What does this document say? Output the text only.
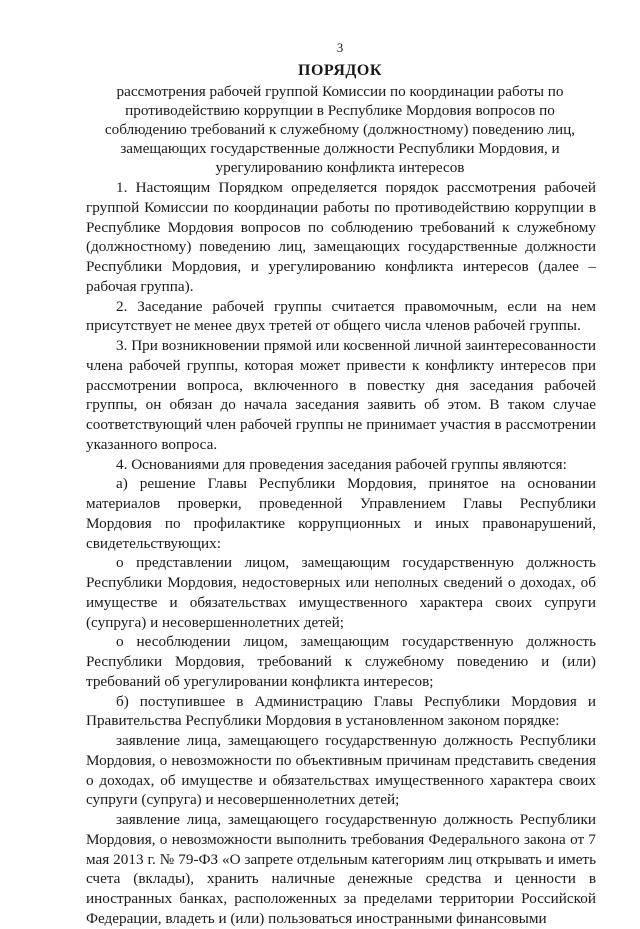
3
ПОРЯДОК
рассмотрения рабочей группой Комиссии по координации работы по
противодействию коррупции в Республике Мордовия вопросов по
соблюдению требований к служебному (должностному) поведению лиц,
замещающих государственные должности Республики Мордовия, и
урегулированию конфликта интересов

1. Настоящим Порядком определяется порядок рассмотрения рабочей группой Комиссии по координации работы по противодействию коррупции в Республике Мордовия вопросов по соблюдению требований к служебному (должностному) поведению лиц, замещающих государственные должности Республики Мордовия, и урегулированию конфликта интересов (далее – рабочая группа).

2. Заседание рабочей группы считается правомочным, если на нем присутствует не менее двух третей от общего числа членов рабочей группы.

3. При возникновении прямой или косвенной личной заинтересованности члена рабочей группы, которая может привести к конфликту интересов при рассмотрении вопроса, включенного в повестку дня заседания рабочей группы, он обязан до начала заседания заявить об этом. В таком случае соответствующий член рабочей группы не принимает участия в рассмотрении указанного вопроса.

4. Основаниями для проведения заседания рабочей группы являются:

а) решение Главы Республики Мордовия, принятое на основании материалов проверки, проведенной Управлением Главы Республики Мордовия по профилактике коррупционных и иных правонарушений, свидетельствующих:

о представлении лицом, замещающим государственную должность Республики Мордовия, недостоверных или неполных сведений о доходах, об имуществе и обязательствах имущественного характера своих супруги (супруга) и несовершеннолетних детей;

о несоблюдении лицом, замещающим государственную должность Республики Мордовия, требований к служебному поведению и (или) требований об урегулировании конфликта интересов;

б) поступившее в Администрацию Главы Республики Мордовия и Правительства Республики Мордовия в установленном законом порядке:

заявление лица, замещающего государственную должность Республики Мордовия, о невозможности по объективным причинам представить сведения о доходах, об имуществе и обязательствах имущественного характера своих супруги (супруга) и несовершеннолетних детей;

заявление лица, замещающего государственную должность Республики Мордовия, о невозможности выполнить требования Федерального закона от 7 мая 2013 г. № 79-ФЗ «О запрете отдельным категориям лиц открывать и иметь счета (вклады), хранить наличные денежные средства и ценности в иностранных банках, расположенных за пределами территории Российской Федерации, владеть и (или) пользоваться иностранными финансовыми
